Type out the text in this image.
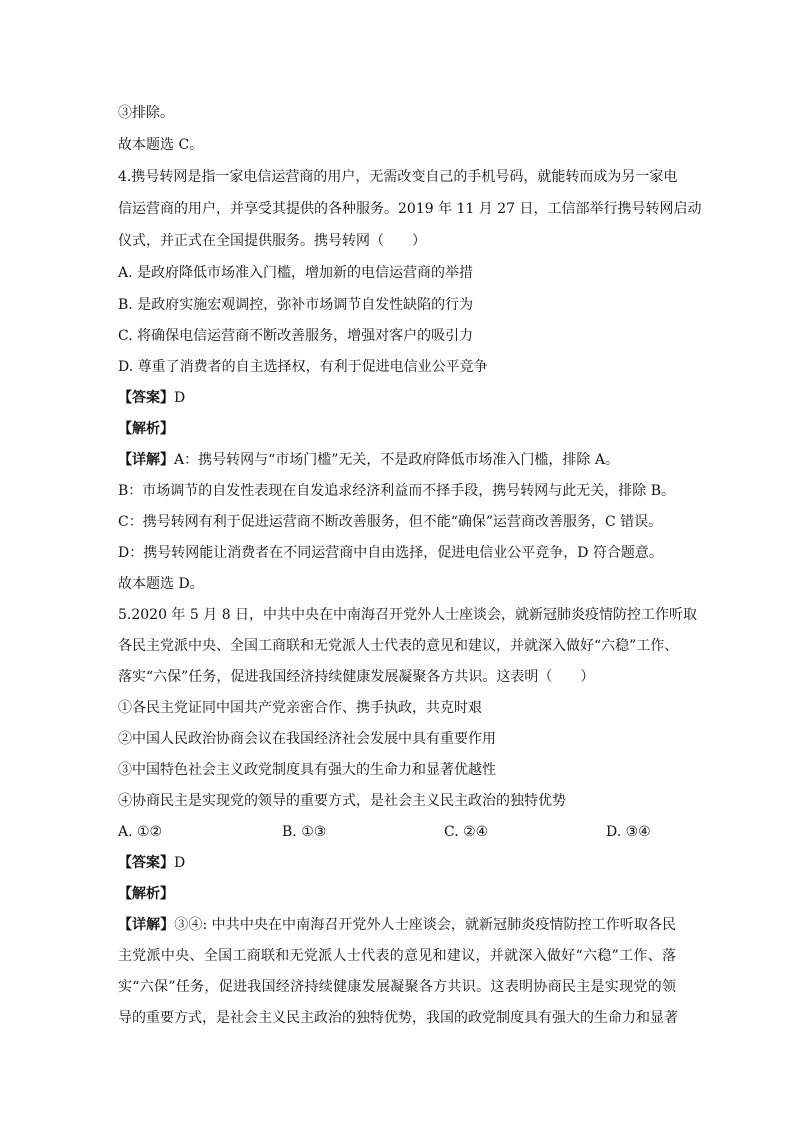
③排除。
故本题选 C。
4.携号转网是指一家电信运营商的用户，无需改变自己的手机号码，就能转而成为另一家电
信运营商的用户，并享受其提供的各种服务。2019 年 11 月 27 日，工信部举行携号转网启动
仪式，并正式在全国提供服务。携号转网（　　）
A. 是政府降低市场准入门槛，增加新的电信运营商的举措
B. 是政府实施宏观调控，弥补市场调节自发性缺陷的行为
C. 将确保电信运营商不断改善服务，增强对客户的吸引力
D. 尊重了消费者的自主选择权，有利于促进电信业公平竞争
【答案】D
【解析】
【详解】A：携号转网与“市场门槛”无关，不是政府降低市场准入门槛，排除 A。
B：市场调节的自发性表现在自发追求经济利益而不择手段，携号转网与此无关，排除 B。
C：携号转网有利于促进运营商不断改善服务，但不能“确保”运营商改善服务，C 错误。
D：携号转网能让消费者在不同运营商中自由选择，促进电信业公平竞争，D 符合题意。
故本题选 D。
5.2020 年 5 月 8 日，中共中央在中南海召开党外人士座谈会，就新冠肺炎疫情防控工作听取
各民主党派中央、全国工商联和无党派人士代表的意见和建议，并就深入做好“六稳”工作、
落实“六保”任务，促进我国经济持续健康发展凝聚各方共识。这表明（　　）
①各民主党证同中国共产党亲密合作、携手执政，共克时艰
②中国人民政治协商会议在我国经济社会发展中具有重要作用
③中国特色社会主义政党制度具有强大的生命力和显著优越性
④协商民主是实现党的领导的重要方式，是社会主义民主政治的独特优势
A. ①②	B. ①③	C. ②④	D. ③④
【答案】D
【解析】
【详解】③④: 中共中央在中南海召开党外人士座谈会，就新冠肺炎疫情防控工作听取各民
主党派中央、全国工商联和无党派人士代表的意见和建议，并就深入做好“六稳”工作、落
实“六保”任务，促进我国经济持续健康发展凝聚各方共识。这表明协商民主是实现党的领
导的重要方式，是社会主义民主政治的独特优势，我国的政党制度具有强大的生命力和显著
